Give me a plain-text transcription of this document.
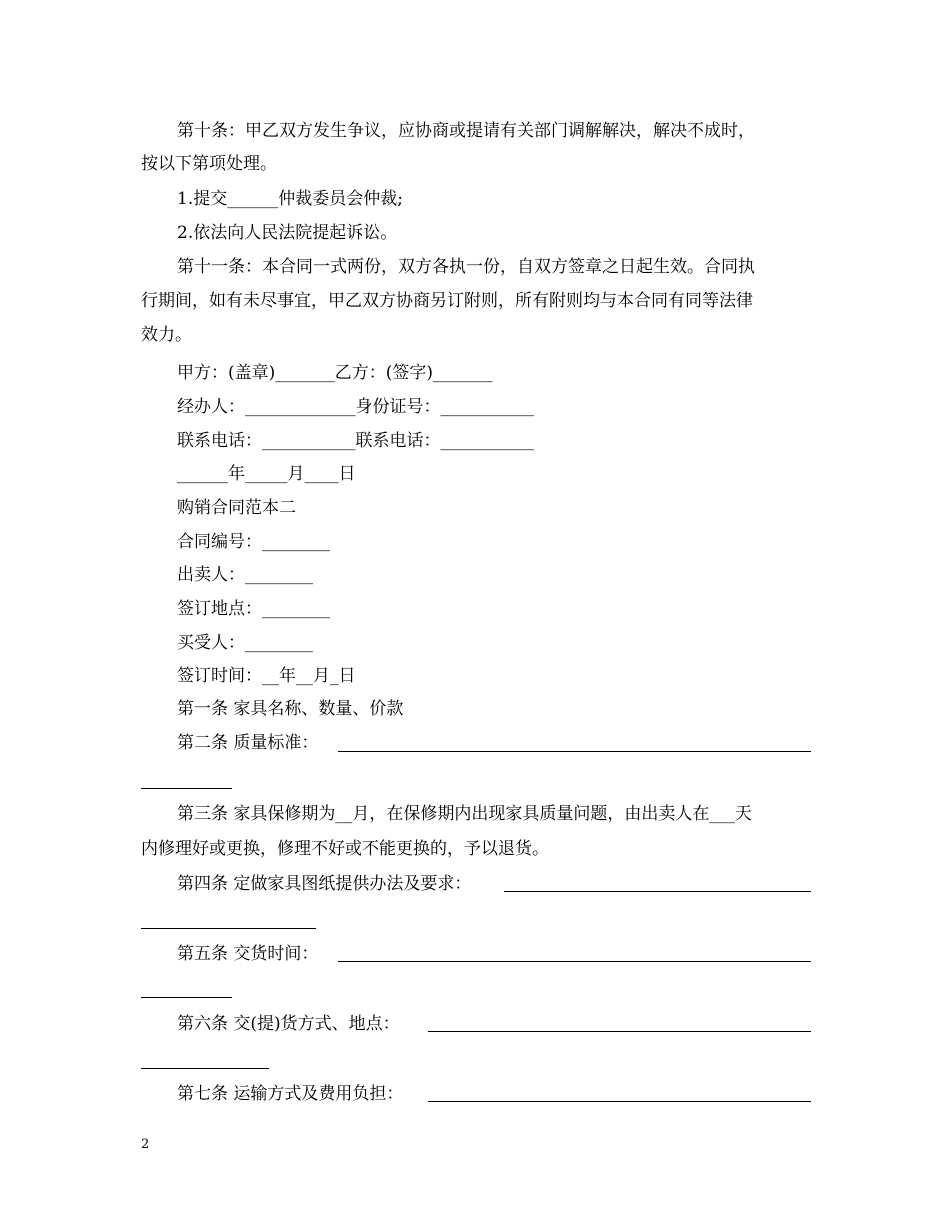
第十条：甲乙双方发生争议，应协商或提请有关部门调解解决，解决不成时，
按以下第项处理。
1.提交______仲裁委员会仲裁;
2.依法向人民法院提起诉讼。
第十一条：本合同一式两份，双方各执一份，自双方签章之日起生效。合同执
行期间，如有未尽事宜，甲乙双方协商另订附则，所有附则均与本合同有同等法律
效力。
甲方：(盖章)_______乙方：(签字)_______
经办人：_____________身份证号：___________
联系电话：___________联系电话：___________
______年_____月____日
购销合同范本二
合同编号：________
出卖人：________
签订地点：________
买受人：________
签订时间：__年__月_日
第一条 家具名称、数量、价款
第二条 质量标准：
第三条 家具保修期为__月，在保修期内出现家具质量问题，由出卖人在___天
内修理好或更换，修理不好或不能更换的，予以退货。
第四条 定做家具图纸提供办法及要求：
第五条 交货时间：
第六条 交(提)货方式、地点：
第七条 运输方式及费用负担：
2
